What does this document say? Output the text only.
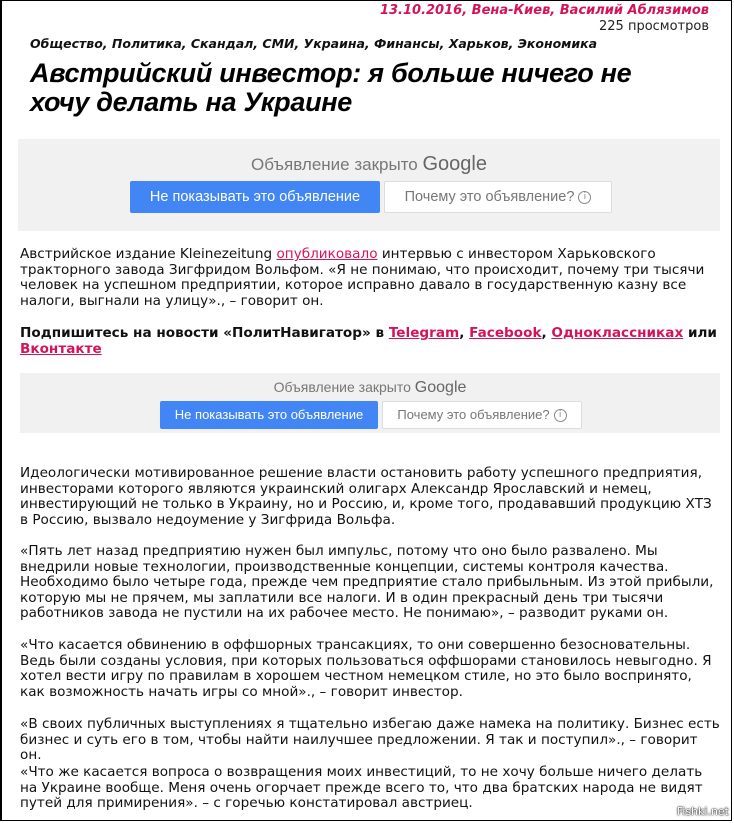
13.10.2016, Вена-Киев, Василий Аблязимов
225 просмотров
Общество, Политика, Скандал, СМИ, Украина, Финансы, Харьков, Экономика
Австрийский инвестор: я больше ничего не хочу делать на Украине
Объявление закрыто Google
Не показывать это объявление	Почему это объявление? i

Австрийское издание Kleinezeitung опубликовало интервью с инвестором Харьковского тракторного завода Зигфридом Вольфом. «Я не понимаю, что происходит, почему три тысячи человек на успешном предприятии, которое исправно давало в государственную казну все налоги, выгнали на улицу»., – говорит он.

Подпишитесь на новости «ПолитНавигатор» в Telegram, Facebook, Одноклассниках или Вконтакте

Объявление закрыто Google
Не показывать это объявление	Почему это объявление? i

Идеологически мотивированное решение власти остановить работу успешного предприятия, инвесторами которого являются украинский олигарх Александр Ярославский и немец, инвестирующий не только в Украину, но и Россию, и, кроме того, продававший продукцию ХТЗ в Россию, вызвало недоумение у Зигфрида Вольфа.

«Пять лет назад предприятию нужен был импульс, потому что оно было развалено. Мы внедрили новые технологии, производственные концепции, системы контроля качества. Необходимо было четыре года, прежде чем предприятие стало прибыльным. Из этой прибыли, которую мы не прячем, мы заплатили все налоги. И в один прекрасный день три тысячи работников завода не пустили на их рабочее место. Не понимаю», – разводит руками он.

«Что касается обвинению в оффшорных трансакциях, то они совершенно безосновательны. Ведь были созданы условия, при которых пользоваться оффшорами становилось невыгодно. Я хотел вести игру по правилам в хорошем честном немецком стиле, но это было воспринято, как возможность начать игры со мной»., – говорит инвестор.

«В своих публичных выступлениях я тщательно избегаю даже намека на политику. Бизнес есть бизнес и суть его в том, чтобы найти наилучшее предложении. Я так и поступил»., – говорит он.

«Что же касается вопроса о возвращения моих инвестиций, то не хочу больше ничего делать на Украине вообще. Меня очень огорчает прежде всего то, что два братских народа не видят путей для примирения». – с горечью констатировал австриец.

Fishki.net
